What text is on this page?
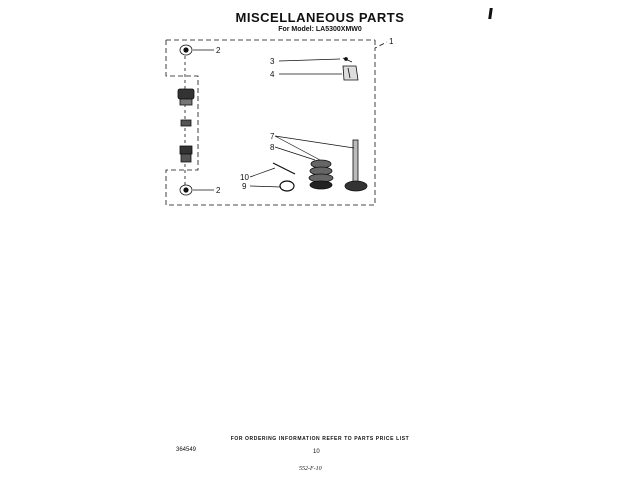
MISCELLANEOUS PARTS
For Model: LA5300XMW0
1
2
2
3
4
7
8
10
9
FOR ORDERING INFORMATION REFER TO PARTS PRICE LIST
364549	10
552-F-10
